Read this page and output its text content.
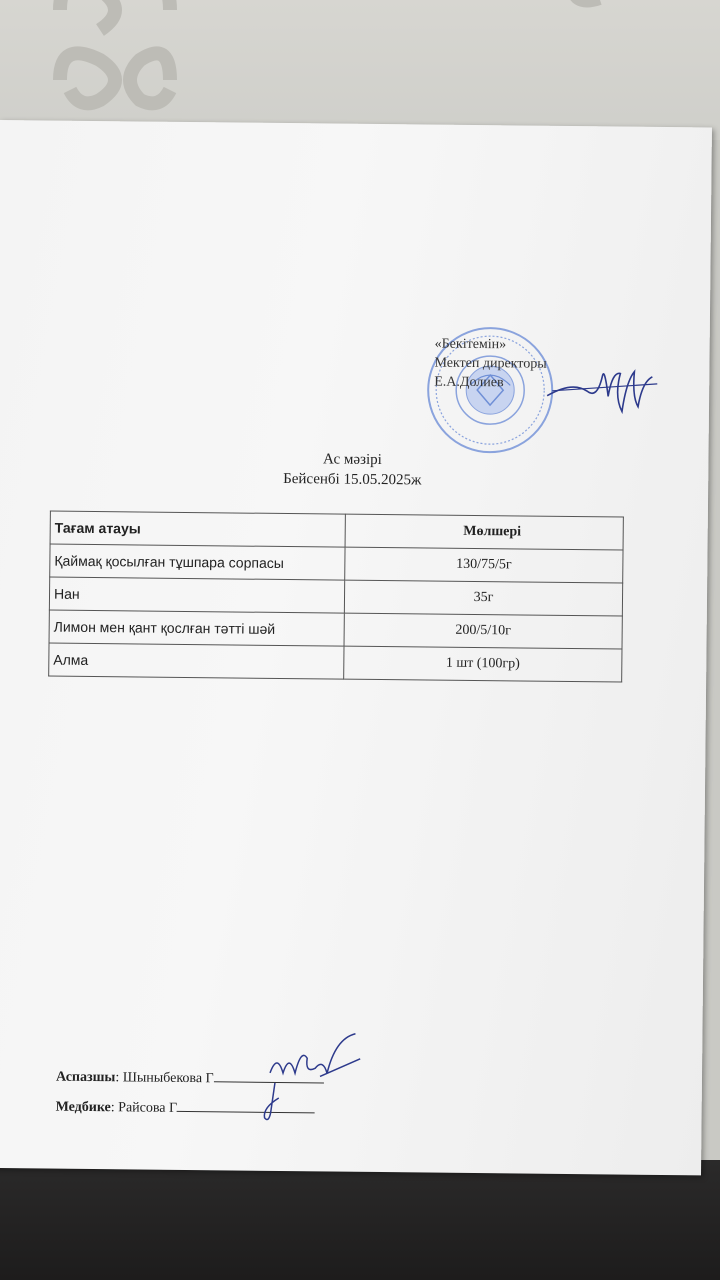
«Бекітемін»
Мектеп директоры
Е.А.Долиев
Ас мәзірі
Бейсенбі 15.05.2025ж
Тағам атауы	Мөлшері
Қаймақ қосылған тұшпара сорпасы	130/75/5г
Нан	35г
Лимон мен қант қослған тәтті шәй	200/5/10г
Алма	1 шт (100гр)
Аспазшы: Шыныбекова Г
Медбике: Райсова Г
